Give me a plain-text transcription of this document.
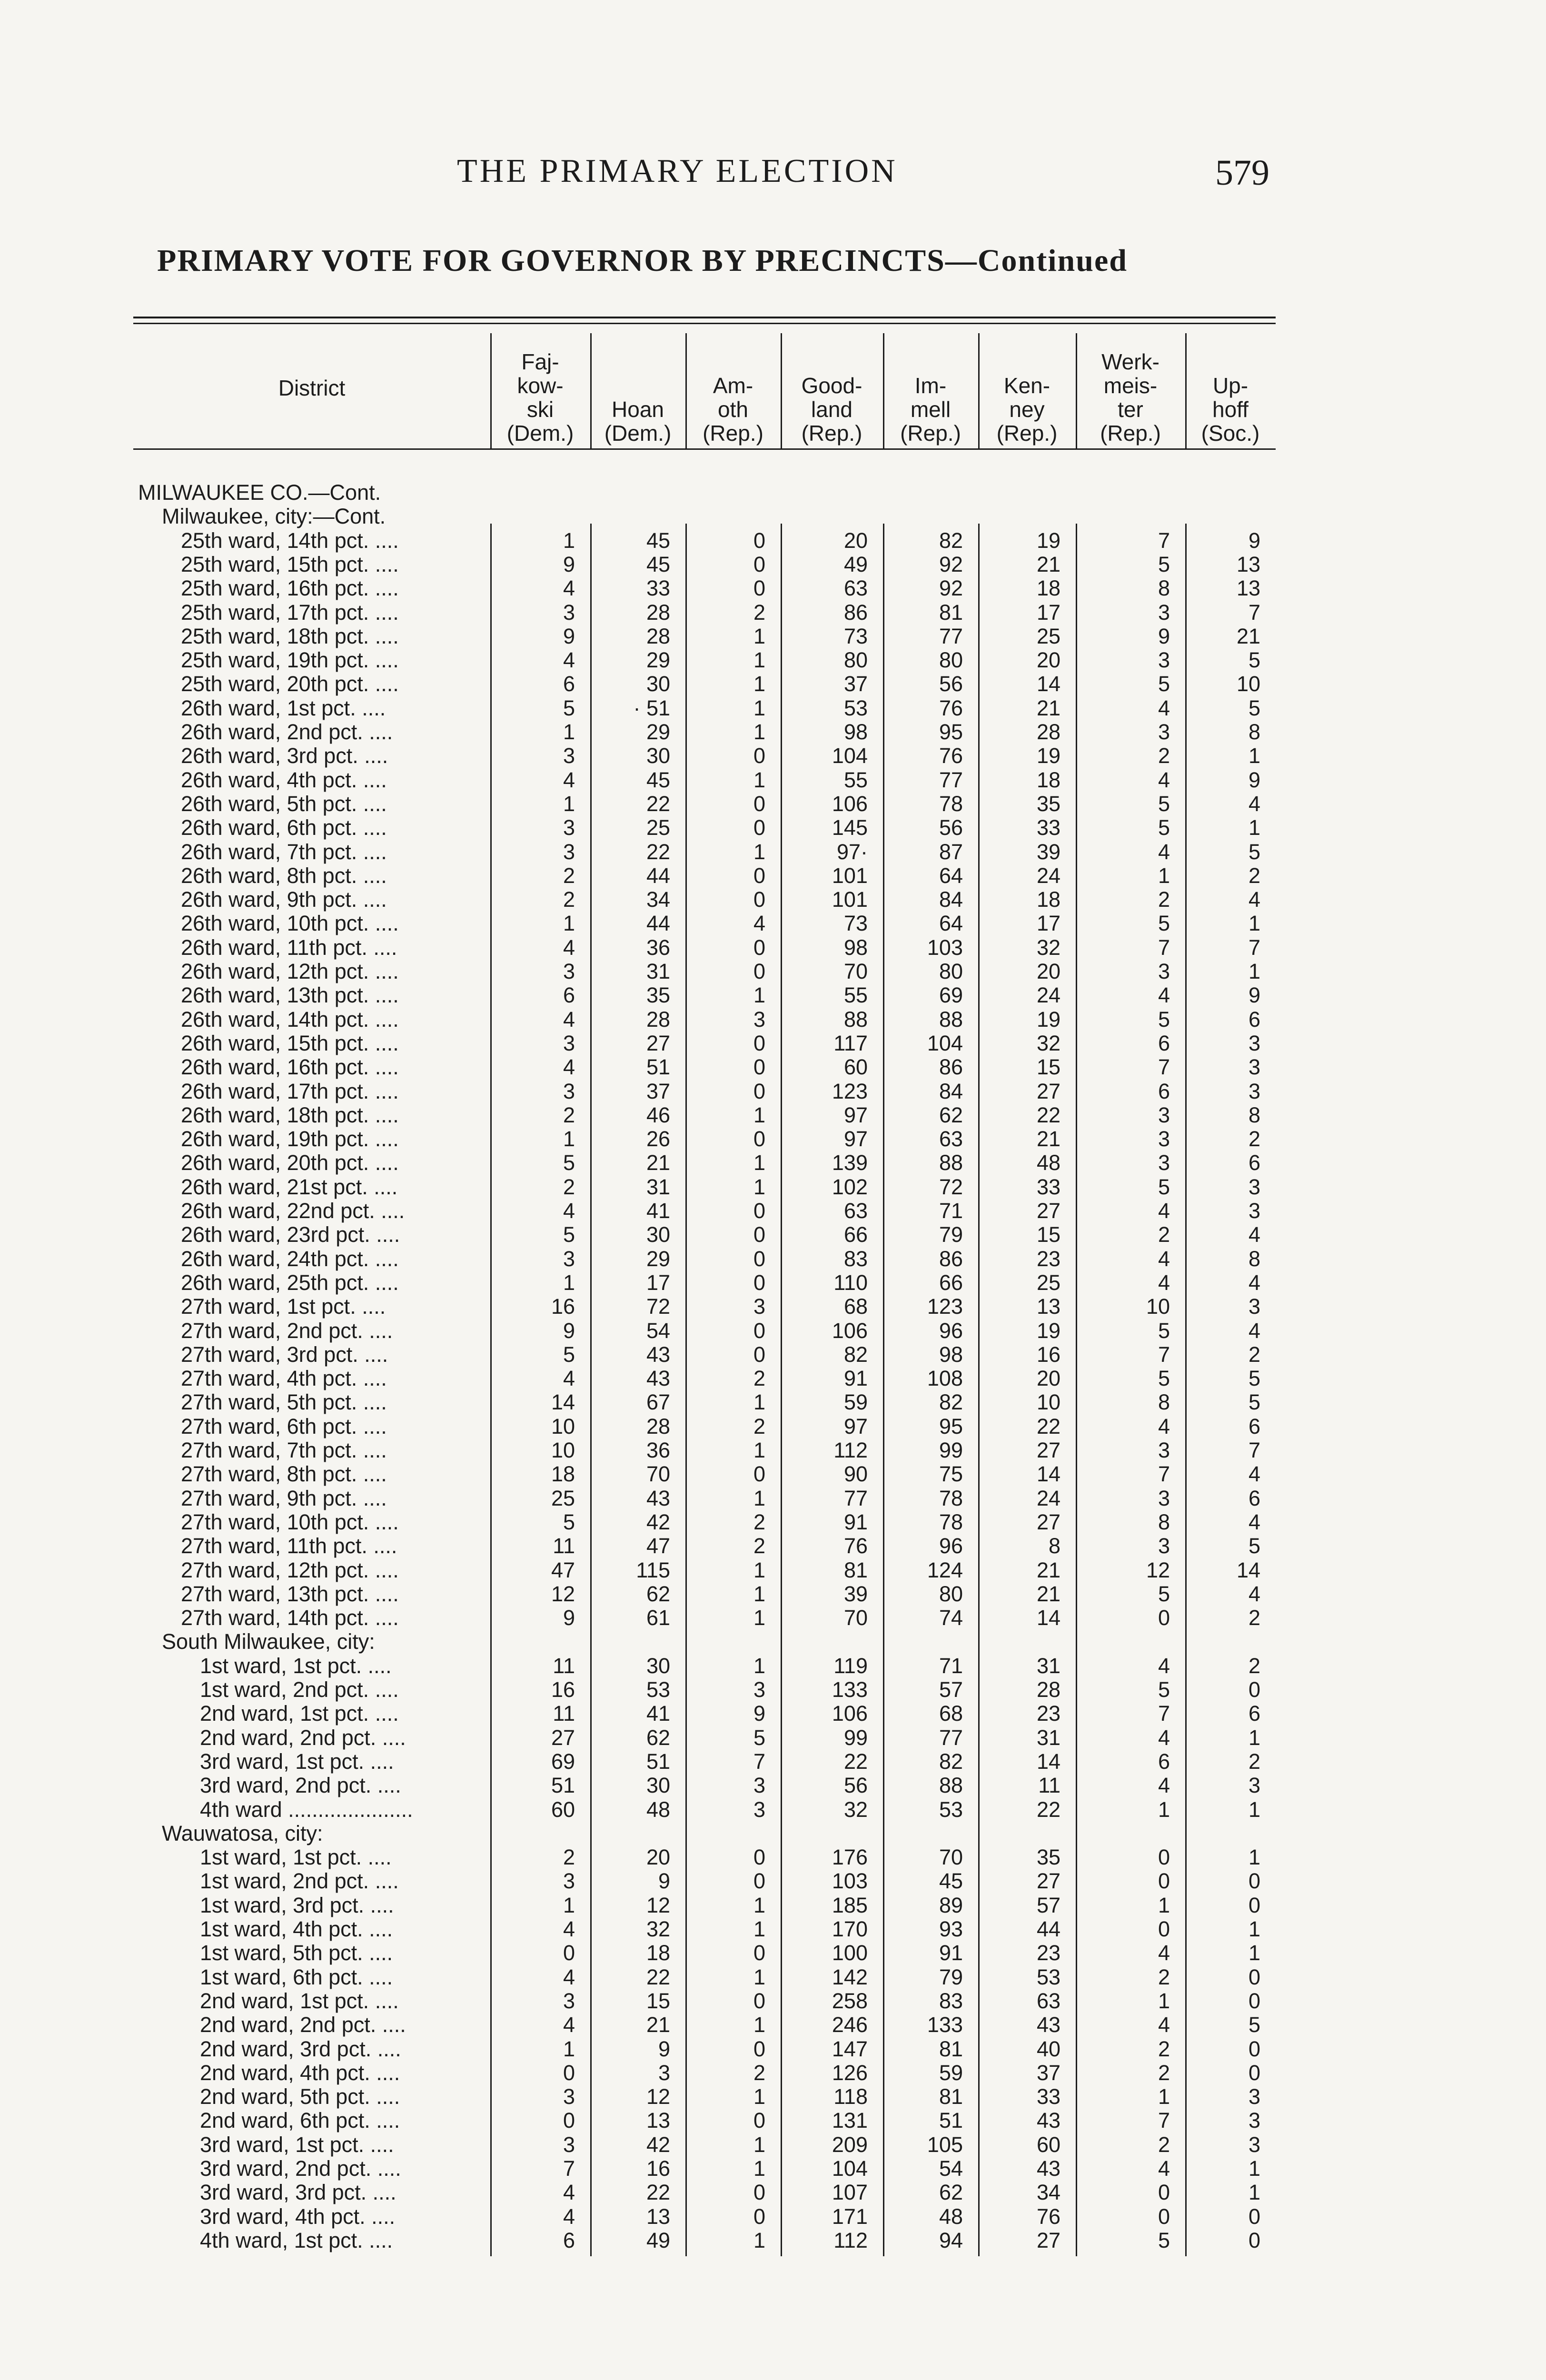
THE PRIMARY ELECTION	579
PRIMARY VOTE FOR GOVERNOR BY PRECINCTS—Continued
District
Faj-
kow-
ski
(Dem.)
Hoan
(Dem.)
Am-
oth
(Rep.)
Good-
land
(Rep.)
Im-
mell
(Rep.)
Ken-
ney
(Rep.)
Werk-
meis-
ter
(Rep.)
Up-
hoff
(Soc.)
MILWAUKEE CO.—Cont.
Milwaukee, city:—Cont.
25th ward, 14th pct. ....	1	45	0	20	82	19	7	9
25th ward, 15th pct. ....	9	45	0	49	92	21	5	13
25th ward, 16th pct. ....	4	33	0	63	92	18	8	13
25th ward, 17th pct. ....	3	28	2	86	81	17	3	7
25th ward, 18th pct. ....	9	28	1	73	77	25	9	21
25th ward, 19th pct. ....	4	29	1	80	80	20	3	5
25th ward, 20th pct. ....	6	30	1	37	56	14	5	10
26th ward, 1st pct. ....	5	· 51	1	53	76	21	4	5
26th ward, 2nd pct. ....	1	29	1	98	95	28	3	8
26th ward, 3rd pct. ....	3	30	0	104	76	19	2	1
26th ward, 4th pct. ....	4	45	1	55	77	18	4	9
26th ward, 5th pct. ....	1	22	0	106	78	35	5	4
26th ward, 6th pct. ....	3	25	0	145	56	33	5	1
26th ward, 7th pct. ....	3	22	1	97·	87	39	4	5
26th ward, 8th pct. ....	2	44	0	101	64	24	1	2
26th ward, 9th pct. ....	2	34	0	101	84	18	2	4
26th ward, 10th pct. ....	1	44	4	73	64	17	5	1
26th ward, 11th pct. ....	4	36	0	98	103	32	7	7
26th ward, 12th pct. ....	3	31	0	70	80	20	3	1
26th ward, 13th pct. ....	6	35	1	55	69	24	4	9
26th ward, 14th pct. ....	4	28	3	88	88	19	5	6
26th ward, 15th pct. ....	3	27	0	117	104	32	6	3
26th ward, 16th pct. ....	4	51	0	60	86	15	7	3
26th ward, 17th pct. ....	3	37	0	123	84	27	6	3
26th ward, 18th pct. ....	2	46	1	97	62	22	3	8
26th ward, 19th pct. ....	1	26	0	97	63	21	3	2
26th ward, 20th pct. ....	5	21	1	139	88	48	3	6
26th ward, 21st pct. ....	2	31	1	102	72	33	5	3
26th ward, 22nd pct. ....	4	41	0	63	71	27	4	3
26th ward, 23rd pct. ....	5	30	0	66	79	15	2	4
26th ward, 24th pct. ....	3	29	0	83	86	23	4	8
26th ward, 25th pct. ....	1	17	0	110	66	25	4	4
27th ward, 1st pct. ....	16	72	3	68	123	13	10	3
27th ward, 2nd pct. ....	9	54	0	106	96	19	5	4
27th ward, 3rd pct. ....	5	43	0	82	98	16	7	2
27th ward, 4th pct. ....	4	43	2	91	108	20	5	5
27th ward, 5th pct. ....	14	67	1	59	82	10	8	5
27th ward, 6th pct. ....	10	28	2	97	95	22	4	6
27th ward, 7th pct. ....	10	36	1	112	99	27	3	7
27th ward, 8th pct. ....	18	70	0	90	75	14	7	4
27th ward, 9th pct. ....	25	43	1	77	78	24	3	6
27th ward, 10th pct. ....	5	42	2	91	78	27	8	4
27th ward, 11th pct. ....	11	47	2	76	96	8	3	5
27th ward, 12th pct. ....	47	115	1	81	124	21	12	14
27th ward, 13th pct. ....	12	62	1	39	80	21	5	4
27th ward, 14th pct. ....	9	61	1	70	74	14	0	2
South Milwaukee, city:
1st ward, 1st pct. ....	11	30	1	119	71	31	4	2
1st ward, 2nd pct. ....	16	53	3	133	57	28	5	0
2nd ward, 1st pct. ....	11	41	9	106	68	23	7	6
2nd ward, 2nd pct. ....	27	62	5	99	77	31	4	1
3rd ward, 1st pct. ....	69	51	7	22	82	14	6	2
3rd ward, 2nd pct. ....	51	30	3	56	88	11	4	3
4th ward .....................	60	48	3	32	53	22	1	1
Wauwatosa, city:
1st ward, 1st pct. ....	2	20	0	176	70	35	0	1
1st ward, 2nd pct. ....	3	9	0	103	45	27	0	0
1st ward, 3rd pct. ....	1	12	1	185	89	57	1	0
1st ward, 4th pct. ....	4	32	1	170	93	44	0	1
1st ward, 5th pct. ....	0	18	0	100	91	23	4	1
1st ward, 6th pct. ....	4	22	1	142	79	53	2	0
2nd ward, 1st pct. ....	3	15	0	258	83	63	1	0
2nd ward, 2nd pct. ....	4	21	1	246	133	43	4	5
2nd ward, 3rd pct. ....	1	9	0	147	81	40	2	0
2nd ward, 4th pct. ....	0	3	2	126	59	37	2	0
2nd ward, 5th pct. ....	3	12	1	118	81	33	1	3
2nd ward, 6th pct. ....	0	13	0	131	51	43	7	3
3rd ward, 1st pct. ....	3	42	1	209	105	60	2	3
3rd ward, 2nd pct. ....	7	16	1	104	54	43	4	1
3rd ward, 3rd pct. ....	4	22	0	107	62	34	0	1
3rd ward, 4th pct. ....	4	13	0	171	48	76	0	0
4th ward, 1st pct. ....	6	49	1	112	94	27	5	0
